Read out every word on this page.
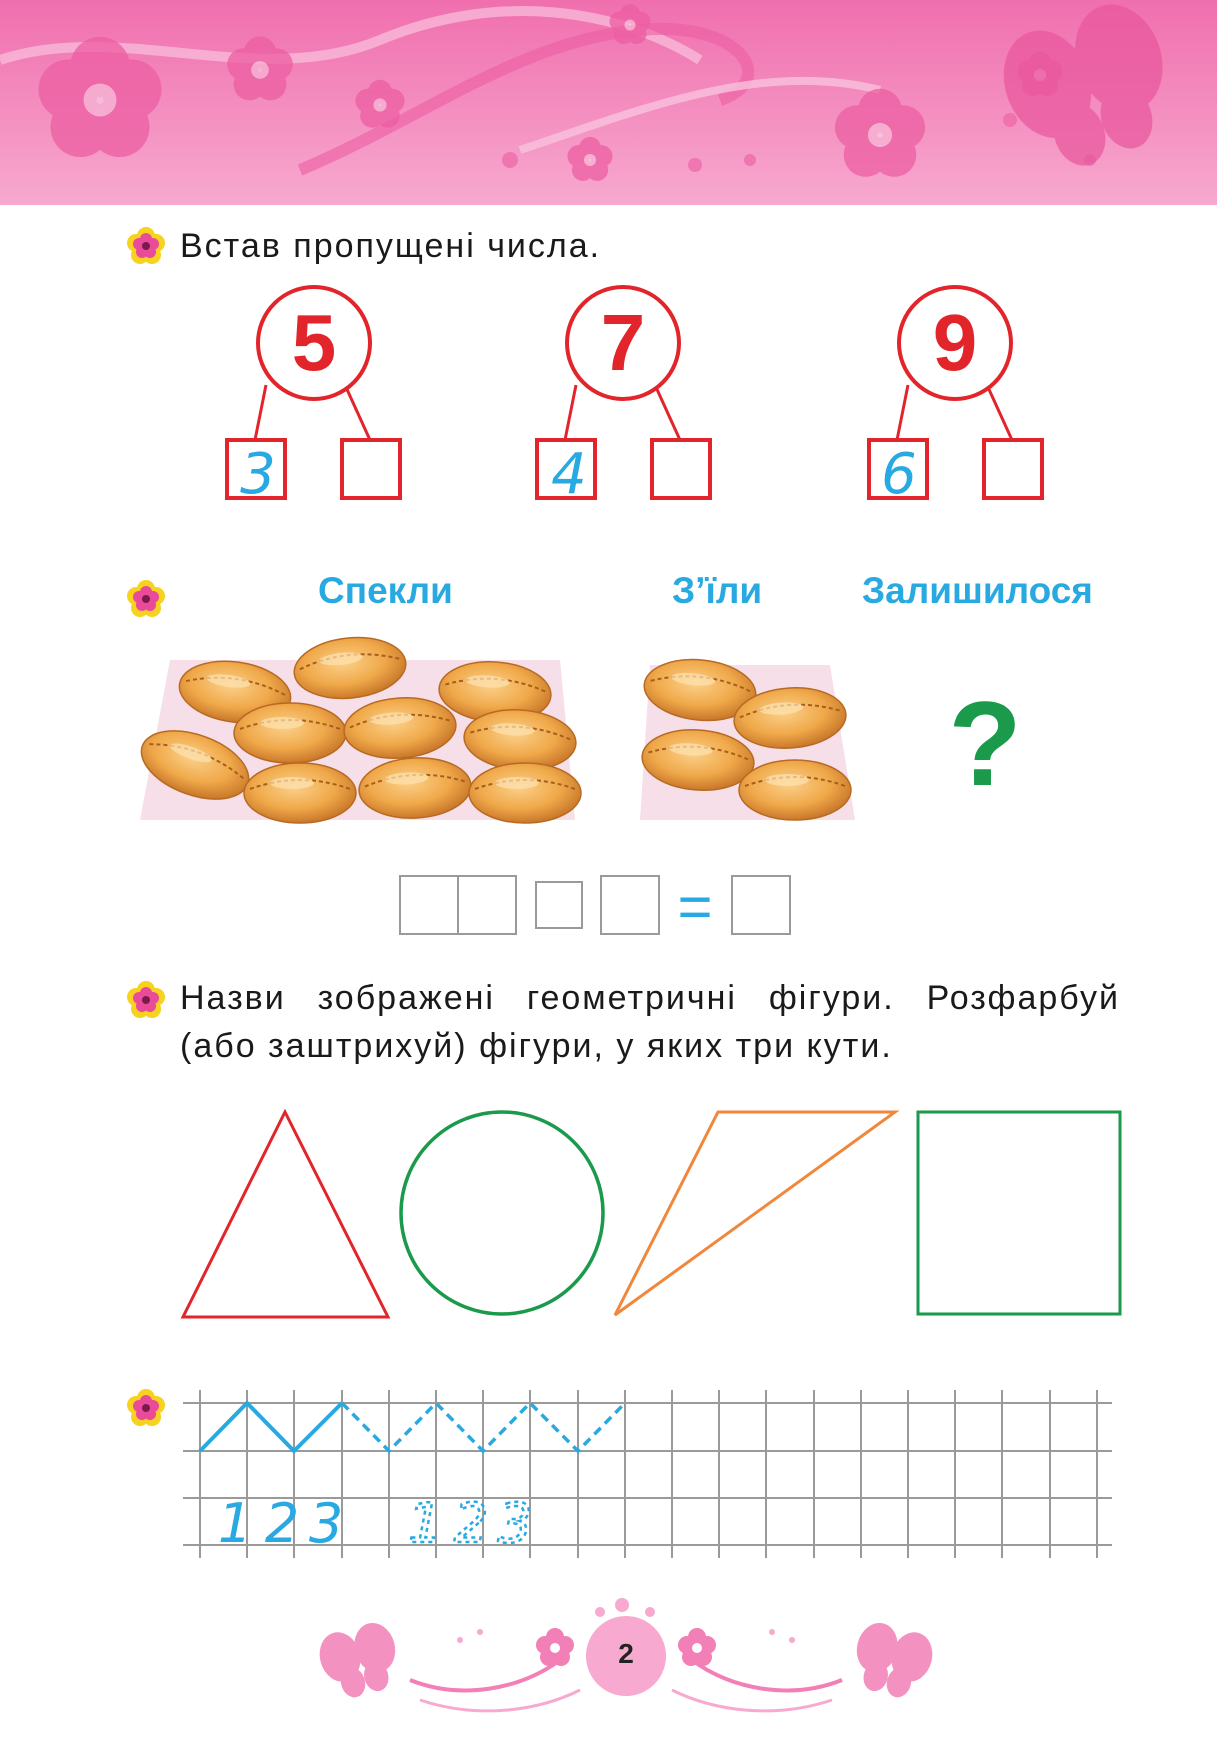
Встав пропущені числа.
5
3
7
4
9
6
Спекли	З’їли	Залишилося
?
=
Назви зображені геометричні фігури. Розфарбуй
(або заштрихуй) фігури, у яких три кути.
1 2 3 1 2 3
2
